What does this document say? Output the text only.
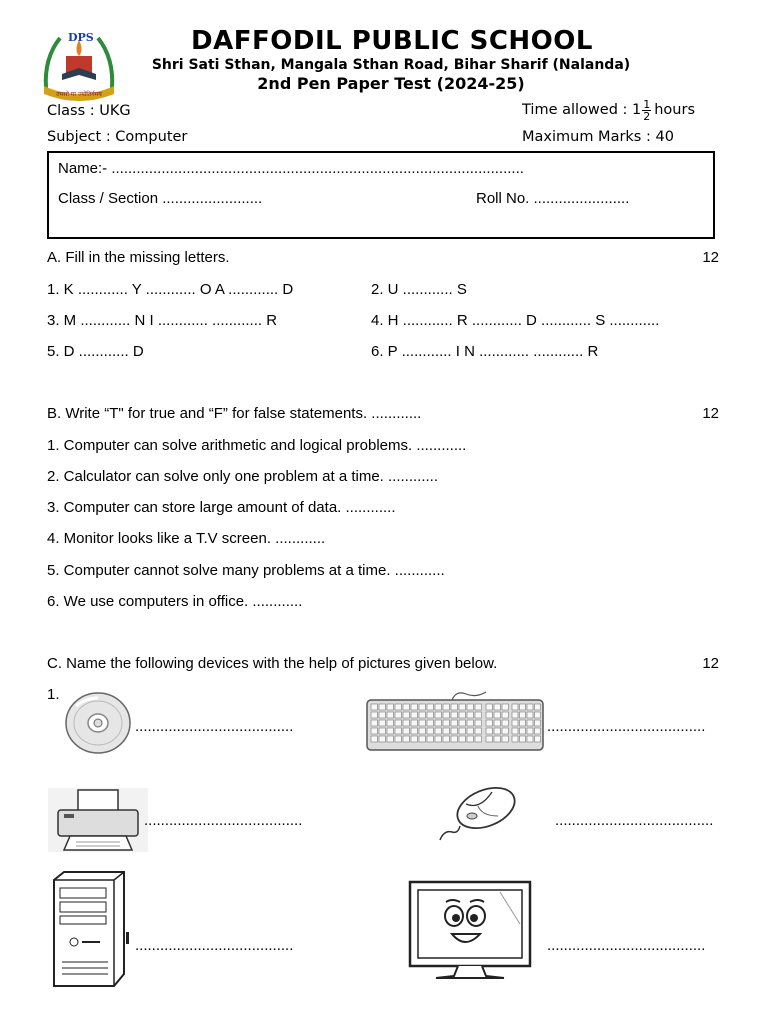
DPS
तमसो मा ज्योतिर्गमय
DAFFODIL PUBLIC SCHOOL
Shri Sati Sthan, Mangala Sthan Road, Bihar Sharif (Nalanda)
2nd Pen Paper Test (2024-25)
Class : UKG
Subject : Computer
Time allowed : $1 \frac{1}{2}$ hours
Maximum Marks : 40
Name:- ...................................................................................................
Class / Section ........................	Roll No. .......................
A. Fill in the missing letters.	12
1. K ............ Y ............ O A ............ D	2. U ............ S
3. M ............ N I ............ ............ R	4. H ............ R ............ D ............ S ............
5. D ............ D	6. P ............ I N ............ ............ R
B. Write “T" for true and “F” for false statements. ............	12
1. Computer can solve arithmetic and logical problems. ............
2. Calculator can solve only one problem at a time. ............
3. Computer can store large amount of data. ............
4. Monitor looks like a T.V screen. ............
5. Computer cannot solve many problems at a time. ............
6. We use computers in office. ............
C. Name the following devices with the help of pictures given below.	12
1.
......................................	......................................
......................................	......................................
......................................	......................................
